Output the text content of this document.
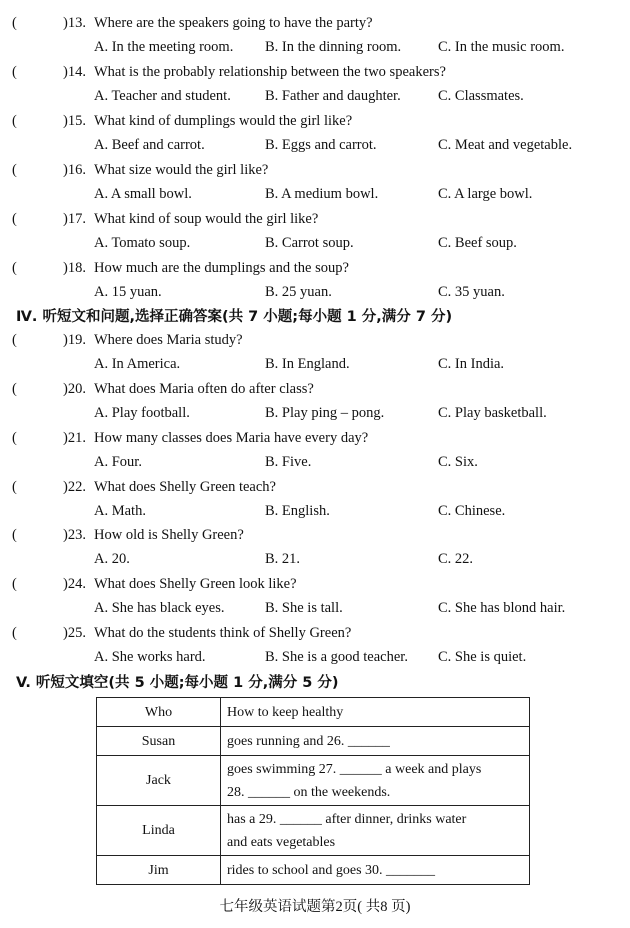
(	)13. Where are the speakers going to have the party?
A. In the meeting room. B. In the dinning room.	C. In the music room.
(	)14. What is the probably relationship between the two speakers?
A. Teacher and student. B. Father and daughter.	C. Classmates.
(	)15. What kind of dumplings would the girl like?
A. Beef and carrot.	B. Eggs and carrot.	C. Meat and vegetable.
(	)16. What size would the girl like?
A. A small bowl.	B. A medium bowl.	C. A large bowl.
(	)17. What kind of soup would the girl like?
A. Tomato soup.	B. Carrot soup.	C. Beef soup.
(	)18. How much are the dumplings and the soup?
A. 15 yuan.	B. 25 yuan.	C. 35 yuan.
Ⅳ. 听短文和问题,选择正确答案(共 7 小题;每小题 1 分,满分 7 分)
(	)19. Where does Maria study?
A. In America.	B. In England.	C. In India.
(	)20. What does Maria often do after class?
A. Play football.	B. Play ping – pong.	C. Play basketball.
(	)21. How many classes does Maria have every day?
A. Four.	B. Five.	C. Six.
(	)22. What does Shelly Green teach?
A. Math.	B. English.	C. Chinese.
(	)23. How old is Shelly Green?
A. 20.	B. 21.	C. 22.
(	)24. What does Shelly Green look like?
A. She has black eyes.	B. She is tall.	C. She has blond hair.
(	)25. What do the students think of Shelly Green?
A. She works hard.	B. She is a good teacher. C. She is quiet.
V. 听短文填空(共 5 小题;每小题 1 分,满分 5 分)
Who	How to keep healthy
Susan	goes running and 26. ______
Jack	goes swimming 27. ______ a week and plays
28. ______ on the weekends.
Linda	has a 29. ______ after dinner, drinks water
and eats vegetables
Jim	rides to school and goes 30. _______
七年级英语试题第2页( 共8 页)
